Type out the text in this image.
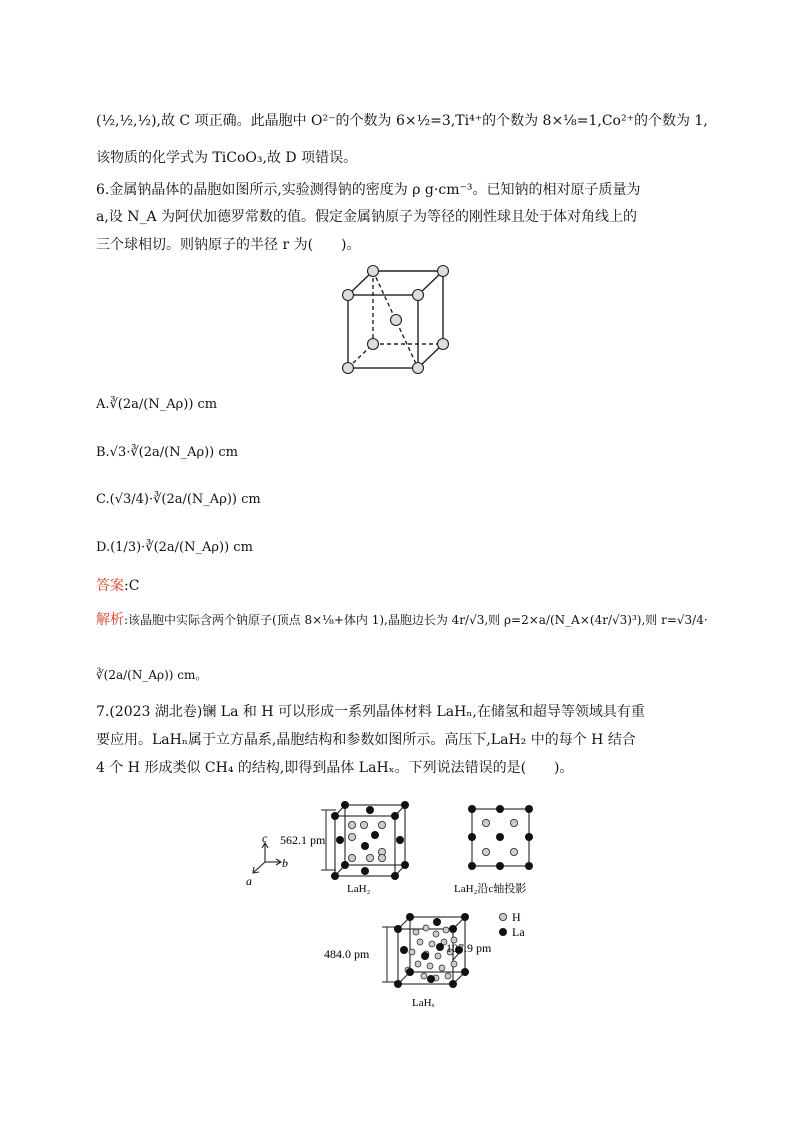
(½,½,½),故 C 项正确。此晶胞中 O²⁻的个数为 6×½=3,Ti⁴⁺的个数为 8×⅛=1,Co²⁺的个数为 1,
该物质的化学式为 TiCoO₃,故 D 项错误。
6.金属钠晶体的晶胞如图所示,实验测得钠的密度为 ρ g·cm⁻³。已知钠的相对原子质量为
a,设 N_A 为阿伏加德罗常数的值。假定金属钠原子为等径的刚性球且处于体对角线上的
三个球相切。则钠原子的半径 r 为(　　)。
A.∛(2a/(N_Aρ)) cm
B.√3·∛(2a/(N_Aρ)) cm
C.(√3/4)·∛(2a/(N_Aρ)) cm
D.(1/3)·∛(2a/(N_Aρ)) cm
答案:C
解析:该晶胞中实际含两个钠原子(顶点 8×⅛+体内 1),晶胞边长为 4r/√3,则 ρ=2×a/(N_A×(4r/√3)³),则 r=√3/4·
∛(2a/(N_Aρ)) cm。
7.(2023 湖北卷)镧 La 和 H 可以形成一系列晶体材料 LaHₙ,在储氢和超导等领域具有重
要应用。LaHₙ属于立方晶系,晶胞结构和参数如图所示。高压下,LaH₂ 中的每个 H 结合
4 个 H 形成类似 CH₄ 的结构,即得到晶体 LaHₓ。下列说法错误的是(　　)。
c
b
a
562.1 pm
LaH₂	LaH₂沿c轴投影
484.0 pm	107.9 pm
LaHₓ
H
La
